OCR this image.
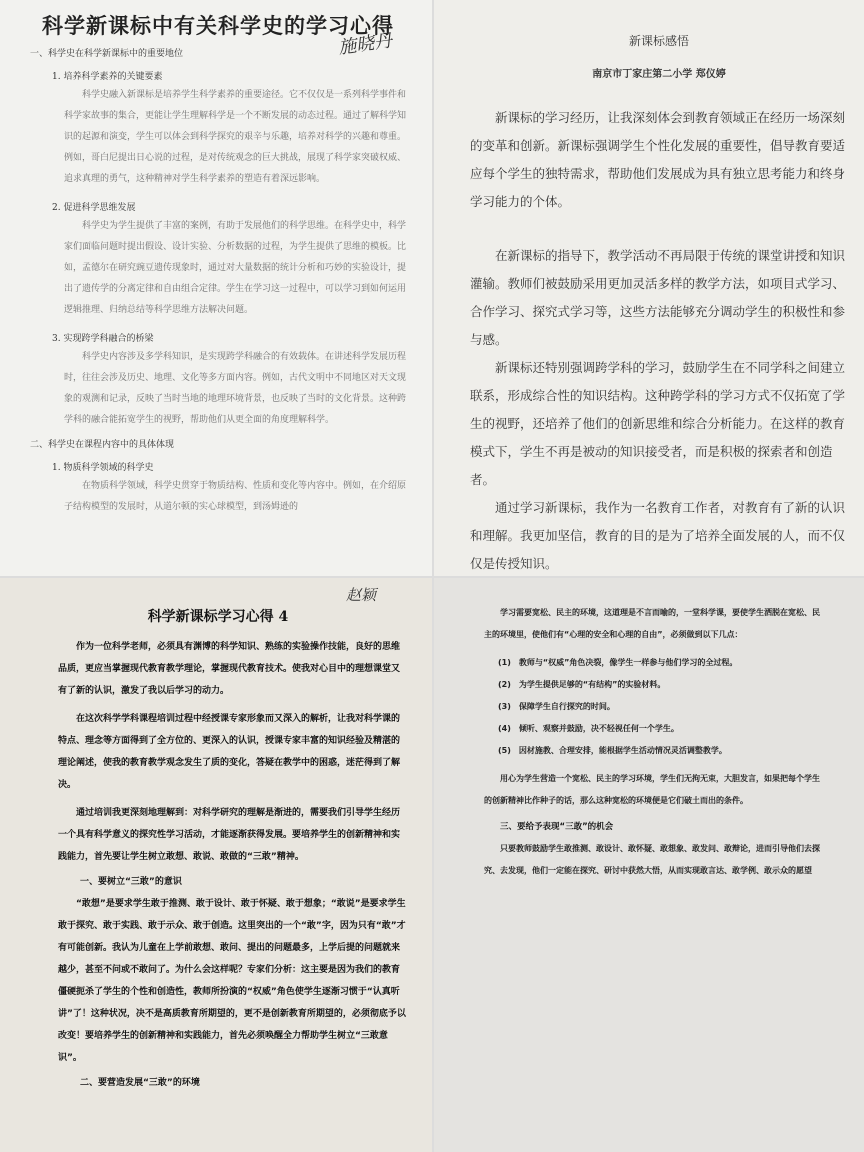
科学新课标中有关科学史的学习心得
施晓丹
一、科学史在科学新课标中的重要地位
1. 培养科学素养的关键要素
科学史融入新课标是培养学生科学素养的重要途径。它不仅仅是一系列科学事件和科学家故事的集合，更能让学生理解科学是一个不断发展的动态过程。通过了解科学知识的起源和演变，学生可以体会到科学探究的艰辛与乐趣，培养对科学的兴趣和尊重。例如，哥白尼提出日心说的过程，是对传统观念的巨大挑战，展现了科学家突破权威、追求真理的勇气，这种精神对学生科学素养的塑造有着深远影响。
2. 促进科学思维发展
科学史为学生提供了丰富的案例，有助于发展他们的科学思维。在科学史中，科学家们面临问题时提出假设、设计实验、分析数据的过程，为学生提供了思维的模板。比如，孟德尔在研究豌豆遗传现象时，通过对大量数据的统计分析和巧妙的实验设计，提出了遗传学的分离定律和自由组合定律。学生在学习这一过程中，可以学习到如何运用逻辑推理、归纳总结等科学思维方法解决问题。
3. 实现跨学科融合的桥梁
科学史内容涉及多学科知识，是实现跨学科融合的有效载体。在讲述科学发展历程时，往往会涉及历史、地理、文化等多方面内容。例如，古代文明中不同地区对天文现象的观测和记录，反映了当时当地的地理环境背景，也反映了当时的文化背景。这种跨学科的融合能拓宽学生的视野，帮助他们从更全面的角度理解科学。
二、科学史在课程内容中的具体体现
1. 物质科学领域的科学史
在物质科学领域，科学史贯穿于物质结构、性质和变化等内容中。例如，在介绍原子结构模型的发展时，从道尔顿的实心球模型，到汤姆逊的
新课标感悟
南京市丁家庄第二小学 郑仪婷
新课标的学习经历，让我深刻体会到教育领域正在经历一场深刻的变革和创新。新课标强调学生个性化发展的重要性，倡导教育要适应每个学生的独特需求，帮助他们发展成为具有独立思考能力和终身学习能力的个体。
在新课标的指导下，教学活动不再局限于传统的课堂讲授和知识灌输。教师们被鼓励采用更加灵活多样的教学方法，如项目式学习、合作学习、探究式学习等，这些方法能够充分调动学生的积极性和参与感。
新课标还特别强调跨学科的学习，鼓励学生在不同学科之间建立联系，形成综合性的知识结构。这种跨学科的学习方式不仅拓宽了学生的视野，还培养了他们的创新思维和综合分析能力。在这样的教育模式下，学生不再是被动的知识接受者，而是积极的探索者和创造者。
通过学习新课标，我作为一名教育工作者，对教育有了新的认识和理解。我更加坚信，教育的目的是为了培养全面发展的人，而不仅仅是传授知识。
赵颖
科学新课标学习心得 4
作为一位科学老师，必须具有渊博的科学知识、熟练的实验操作技能，良好的思维品质，更应当掌握现代教育教学理论，掌握现代教育技术。使我对心目中的理想课堂又有了新的认识，激发了我以后学习的动力。
在这次科学学科课程培训过程中经授课专家形象而又深入的解析，让我对科学课的特点、理念等方面得到了全方位的、更深入的认识，授课专家丰富的知识经验及精湛的理论阐述，使我的教育教学观念发生了质的变化，答疑在教学中的困惑，迷茫得到了解决。
通过培训我更深刻地理解到：对科学研究的理解是渐进的，需要我们引导学生经历一个具有科学意义的探究性学习活动，才能逐渐获得发展。要培养学生的创新精神和实践能力，首先要让学生树立敢想、敢说、敢做的“三敢”精神。
一、要树立“三敢”的意识
“敢想”是要求学生敢于推测、敢于设计、敢于怀疑、敢于想象；“敢说”是要求学生敢于探究、敢于实践、敢于示众、敢于创造。这里突出的一个“敢”字，因为只有“敢”才有可能创新。我认为儿童在上学前敢想、敢问、提出的问题最多，上学后提的问题就来越少，甚至不问或不敢问了。为什么会这样呢？专家们分析：这主要是因为我们的教育僵硬扼杀了学生的个性和创造性，教师所扮演的“权威”角色使学生逐渐习惯于“认真听讲”了！这种状况，决不是高质教育所期望的，更不是创新教育所期望的，必须彻底予以改变！要培养学生的创新精神和实践能力，首先必须唤醒全力帮助学生树立“三敢意识”。
二、要营造发展“三敢”的环境
学习需要宽松、民主的环境，这道理是不言而喻的，一堂科学课，要使学生洒脱在宽松、民主的环境里，使他们有“心理的安全和心理的自由”，必须做到以下几点：
(1)　教师与“权威”角色决裂，像学生一样参与他们学习的全过程。
(2)　为学生提供足够的“有结构”的实验材料。
(3)　保障学生自行探究的时间。
(4)　倾听、观察并鼓励，决不轻视任何一个学生。
(5)　因材施教、合理安排，能根据学生活动情况灵活调整教学。
用心为学生营造一个宽松、民主的学习环境，学生们无拘无束，大胆发言，如果把每个学生的创新精神比作种子的话，那么这种宽松的环境便是它们破土而出的条件。
三、要给予表现“三敢”的机会
只要教师鼓励学生敢推测、敢设计、敢怀疑、敢想象、敢发问、敢辩论，进而引导他们去探究、去发现，他们一定能在探究、研讨中获然大悟，从而实现敢言达、敢学例、敢示众的愿望
